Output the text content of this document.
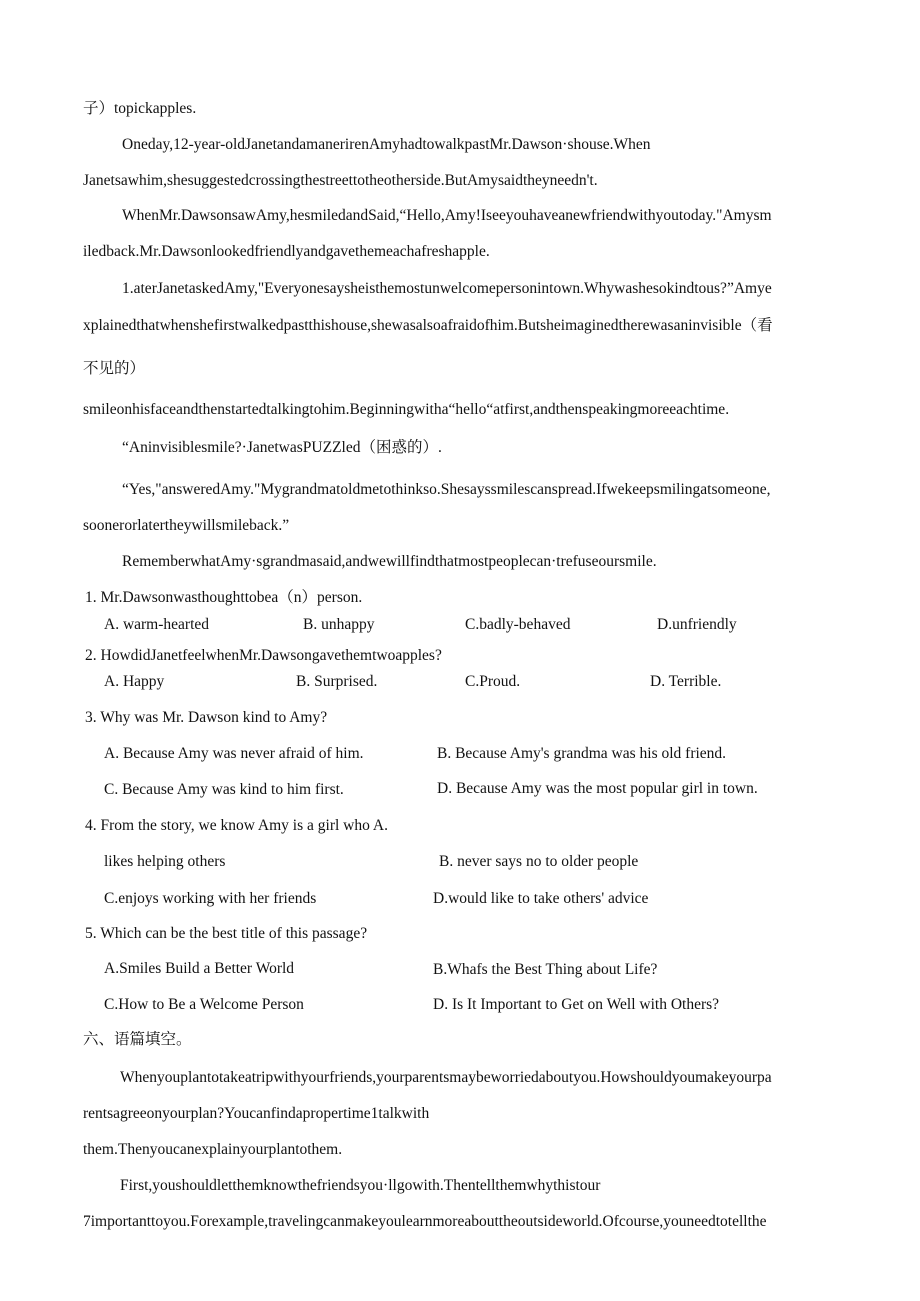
子）topickapples.
Oneday,12-year-oldJanetandamanerirenAmyhadtowalkpastMr.Dawson·shouse.When
Janetsawhim,shesuggestedcrossingthestreettotheotherside.ButAmysaidtheyneedn't.
WhenMr.DawsonsawAmy,hesmiledandSaid,“Hello,Amy!Iseeyouhaveanewfriendwithyoutoday."Amysm
iledback.Mr.Dawsonlookedfriendlyandgavethemeachafreshapple.
1.aterJanetaskedAmy,"Everyonesaysheisthemostunwelcomepersonintown.Whywashesokindtous?”Amye
xplainedthatwhenshefirstwalkedpastthishouse,shewasalsoafraidofhim.Butsheimaginedtherewasaninvisible（看
不见的）
smileonhisfaceandthenstartedtalkingtohim.Beginningwitha“hello“atfirst,andthenspeakingmoreeachtime.
“Aninvisiblesmile?·JanetwasPUZZled（困惑的）.
“Yes,"answeredAmy."Mygrandmatoldmetothinkso.Shesayssmilescanspread.Ifwekeepsmilingatsomeone,
soonerorlatertheywillsmileback.”
RememberwhatAmy·sgrandmasaid,andwewillfindthatmostpeoplecan·trefuseoursmile.
1. Mr.Dawsonwasthoughttobea（n）person.
A. warm-hearted	B. unhappy	C.badly-behaved	D.unfriendly
2. HowdidJanetfeelwhenMr.Dawsongavethemtwoapples?
A. Happy	B. Surprised.	C.Proud.	D. Terrible.
3. Why was Mr. Dawson kind to Amy?
A. Because Amy was never afraid of him.	B. Because Amy's grandma was his old friend.
C. Because Amy was kind to him first.	D. Because Amy was the most popular girl in town.
4. From the story, we know Amy is a girl who A.
likes helping others	B. never says no to older people
C.enjoys working with her friends	D.would like to take others' advice
5. Which can be the best title of this passage?
A.Smiles Build a Better World	B.Whafs the Best Thing about Life?
C.How to Be a Welcome Person	D. Is It Important to Get on Well with Others?
六、语篇填空。
Whenyouplantotakeatripwithyourfriends,yourparentsmaybeworriedaboutyou.Howshouldyoumakeyourpa
rentsagreeonyourplan?Youcanfindapropertime1talkwith
them.Thenyoucanexplainyourplantothem.
First,youshouldletthemknowthefriendsyou·llgowith.Thentellthemwhythistour
7importanttoyou.Forexample,travelingcanmakeyoulearnmoreabouttheoutsideworld.Ofcourse,youneedtotellthe
